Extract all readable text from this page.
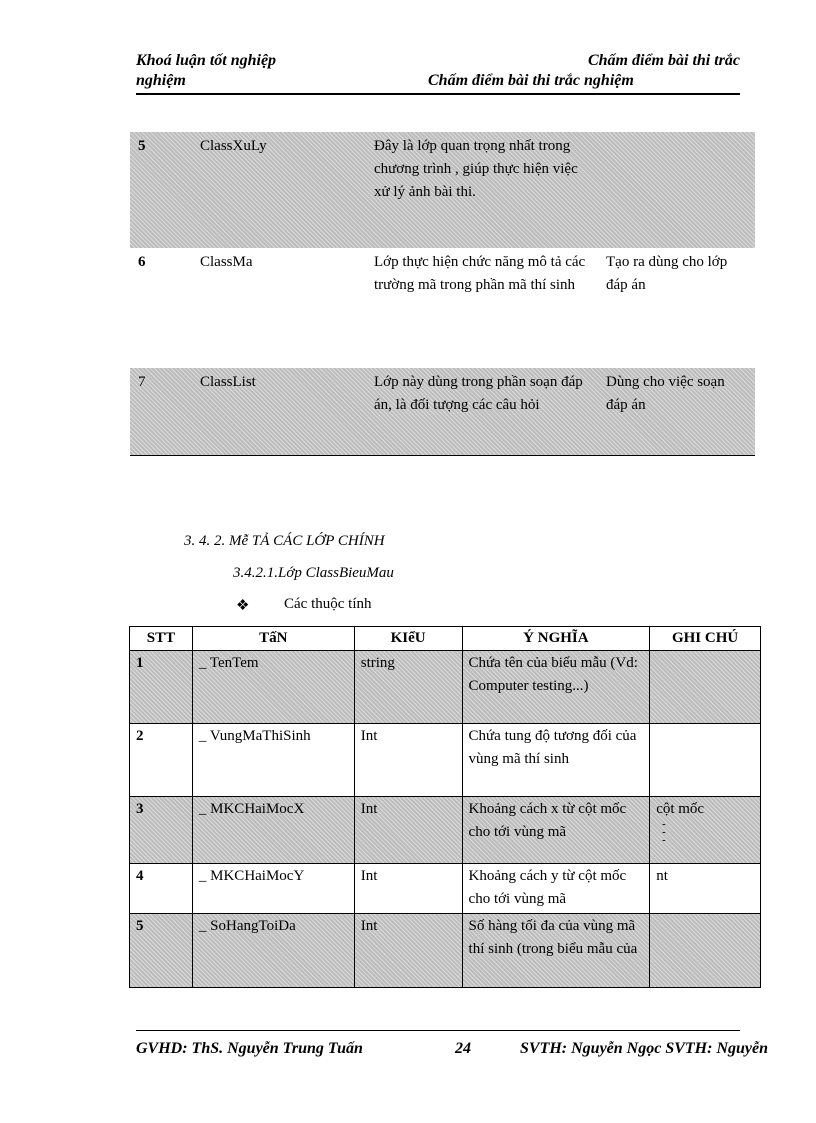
Khoá luận tốt nghiệp
nghiệm
Chấm điểm bài thi trắc
Chấm điểm bài thi trắc nghiệm
5	ClassXuLy	Đây là lớp quan trọng nhất trong chương trình , giúp thực hiện việc xử lý ảnh bài thi.	
6	ClassMa	Lớp thực hiện chức năng mô tả các trường mã trong phần mã thí sinh	Tạo ra dùng cho lớp đáp án
7	ClassList	Lớp này dùng trong phần soạn đáp án, là đối tượng các câu hỏi	Dùng cho việc soạn đáp án
3. 4. 2. Mễ TẢ CÁC LỚP CHÍNH
3.4.2.1.Lớp ClassBieuMau
❖ Các thuộc tính
STT	TấN	KIểU	Ý NGHĨA	GHI CHÚ
1	_ TenTem	string	Chứa tên của biểu mẫu (Vd: Computer testing...)	
2	_ VungMaThiSinh	Int	Chứa tung độ tương đối của vùng mã thí sinh	
3	_ MKCHaiMocX	Int	Khoảng cách x từ cột mốc cho tới vùng mã	cột mốc
-
-
-
4	_ MKCHaiMocY	Int	Khoảng cách y từ cột mốc cho tới vùng mã	nt
5	_ SoHangToiDa	Int	Số hàng tối đa của vùng mã thí sinh (trong biểu mẫu của	
GVHD: ThS. Nguyễn Trung Tuấn	24	SVTH: Nguyễn Ngọc SVTH: Nguyễn
